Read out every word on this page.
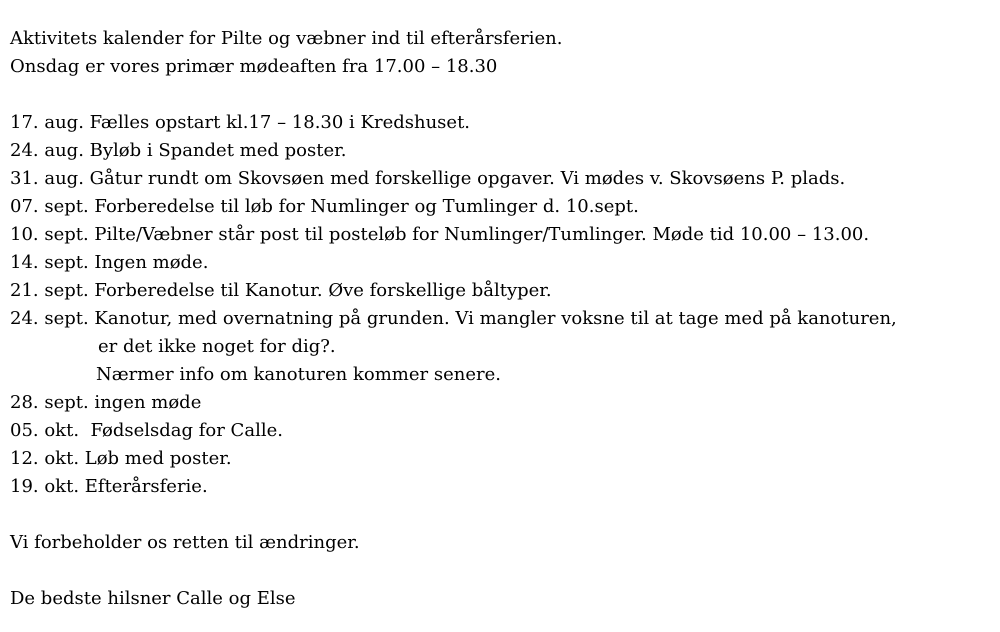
Aktivitets kalender for Pilte og væbner ind til efterårsferien.
Onsdag er vores primær mødeaften fra 17.00 – 18.30
17. aug. Fælles opstart kl.17 – 18.30 i Kredshuset.
24. aug. Byløb i Spandet med poster.
31. aug. Gåtur rundt om Skovsøen med forskellige opgaver. Vi mødes v. Skovsøens P. plads.
07. sept. Forberedelse til løb for Numlinger og Tumlinger d. 10.sept.
10. sept. Pilte/Væbner står post til posteløb for Numlinger/Tumlinger. Møde tid 10.00 – 13.00.
14. sept. Ingen møde.
21. sept. Forberedelse til Kanotur. Øve forskellige båltyper.
24. sept. Kanotur, med overnatning på grunden. Vi mangler voksne til at tage med på kanoturen,
er det ikke noget for dig?.
Nærmer info om kanoturen kommer senere.
28. sept. ingen møde
05. okt.  Fødselsdag for Calle.
12. okt. Løb med poster.
19. okt. Efterårsferie.
Vi forbeholder os retten til ændringer.
De bedste hilsner Calle og Else
